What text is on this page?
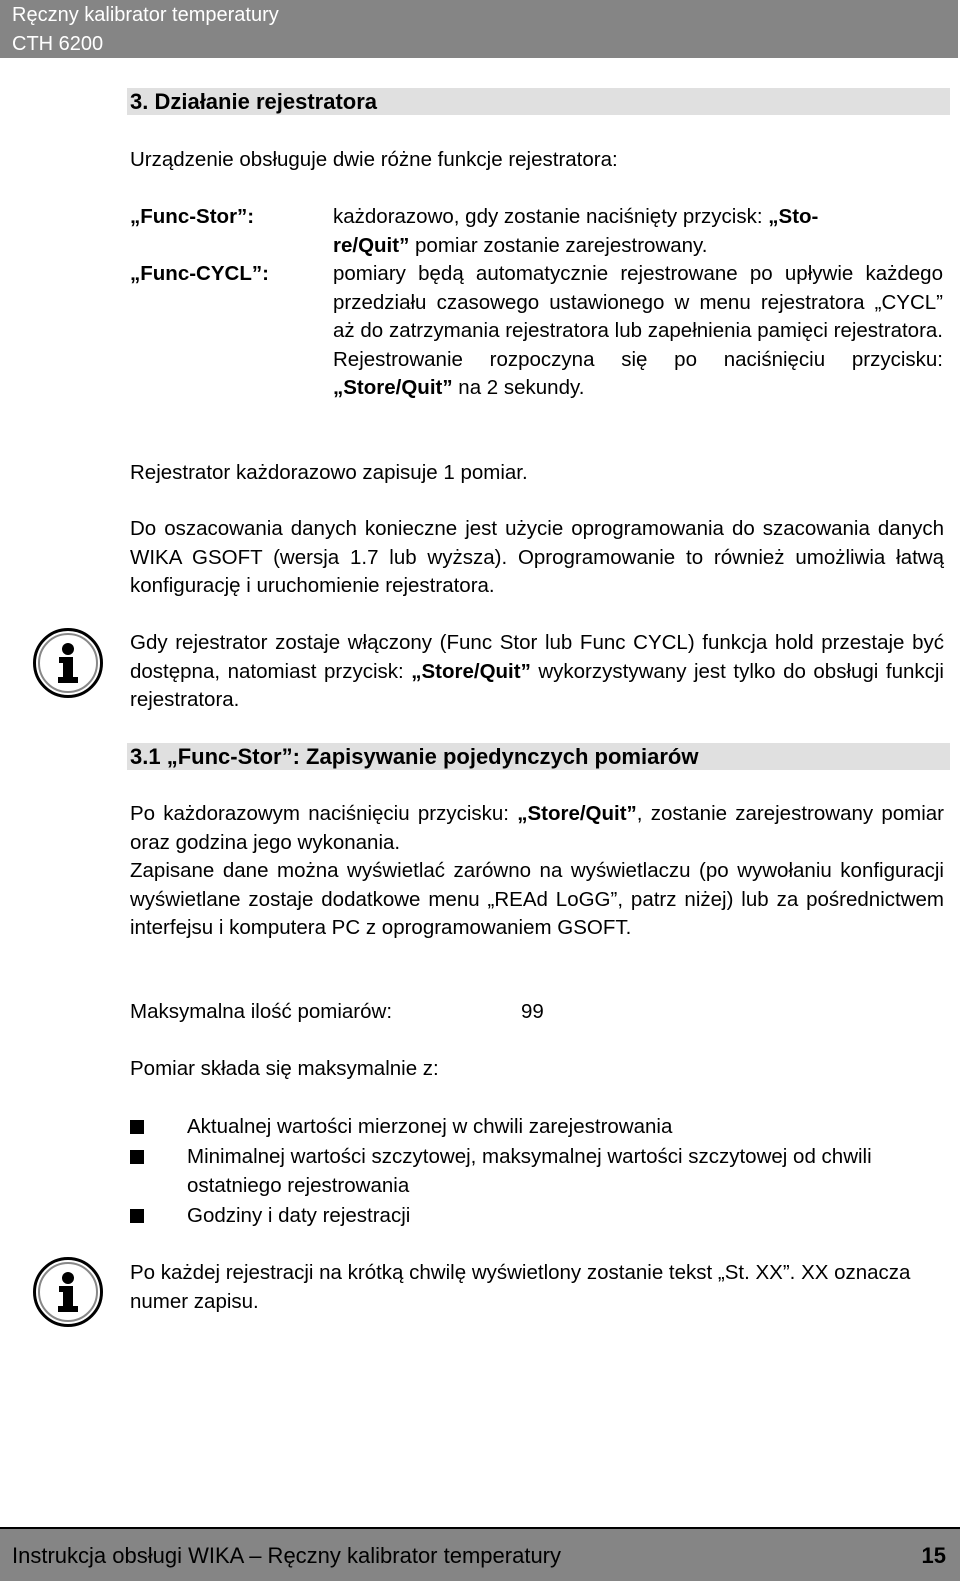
Ręczny kalibrator temperatury
CTH 6200
3. Działanie rejestratora
Urządzenie obsługuje dwie różne funkcje rejestratora:
„Func-Stor”:	każdorazowo, gdy zostanie naciśnięty przycisk: „Sto-
re/Quit” pomiar zostanie zarejestrowany.
„Func-CYCL”:	pomiary będą automatycznie rejestrowane po upływie każdego przedziału czasowego ustawionego w menu rejestratora „CYCL” aż do zatrzymania rejestratora lub zapełnienia pamięci rejestratora. Rejestrowanie rozpoczyna się po naciśnięciu przycisku: „Store/Quit” na 2 sekundy.
Rejestrator każdorazowo zapisuje 1 pomiar.
Do oszacowania danych konieczne jest użycie oprogramowania do szacowania danych WIKA GSOFT (wersja 1.7 lub wyższa). Oprogramowanie to również umożliwia łatwą konfigurację i uruchomienie rejestratora.
Gdy rejestrator zostaje włączony (Func Stor lub Func CYCL) funkcja hold przestaje być dostępna, natomiast przycisk: „Store/Quit” wykorzystywany jest tylko do obsługi funkcji rejestratora.
3.1 „Func-Stor”: Zapisywanie pojedynczych pomiarów
Po każdorazowym naciśnięciu przycisku: „Store/Quit”, zostanie zarejestrowany pomiar oraz godzina jego wykonania.
Zapisane dane można wyświetlać zarówno na wyświetlaczu (po wywołaniu konfiguracji wyświetlane zostaje dodatkowe menu „REAd LoGG”, patrz niżej) lub za pośrednictwem interfejsu i komputera PC z oprogramowaniem GSOFT.
Maksymalna ilość pomiarów:	99
Pomiar składa się maksymalnie z:
Aktualnej wartości mierzonej w chwili zarejestrowania
Minimalnej wartości szczytowej, maksymalnej wartości szczytowej od chwili ostatniego rejestrowania
Godziny i daty rejestracji
Po każdej rejestracji na krótką chwilę wyświetlony zostanie tekst „St. XX”. XX oznacza numer zapisu.
Instrukcja obsługi WIKA – Ręczny kalibrator temperatury	15
